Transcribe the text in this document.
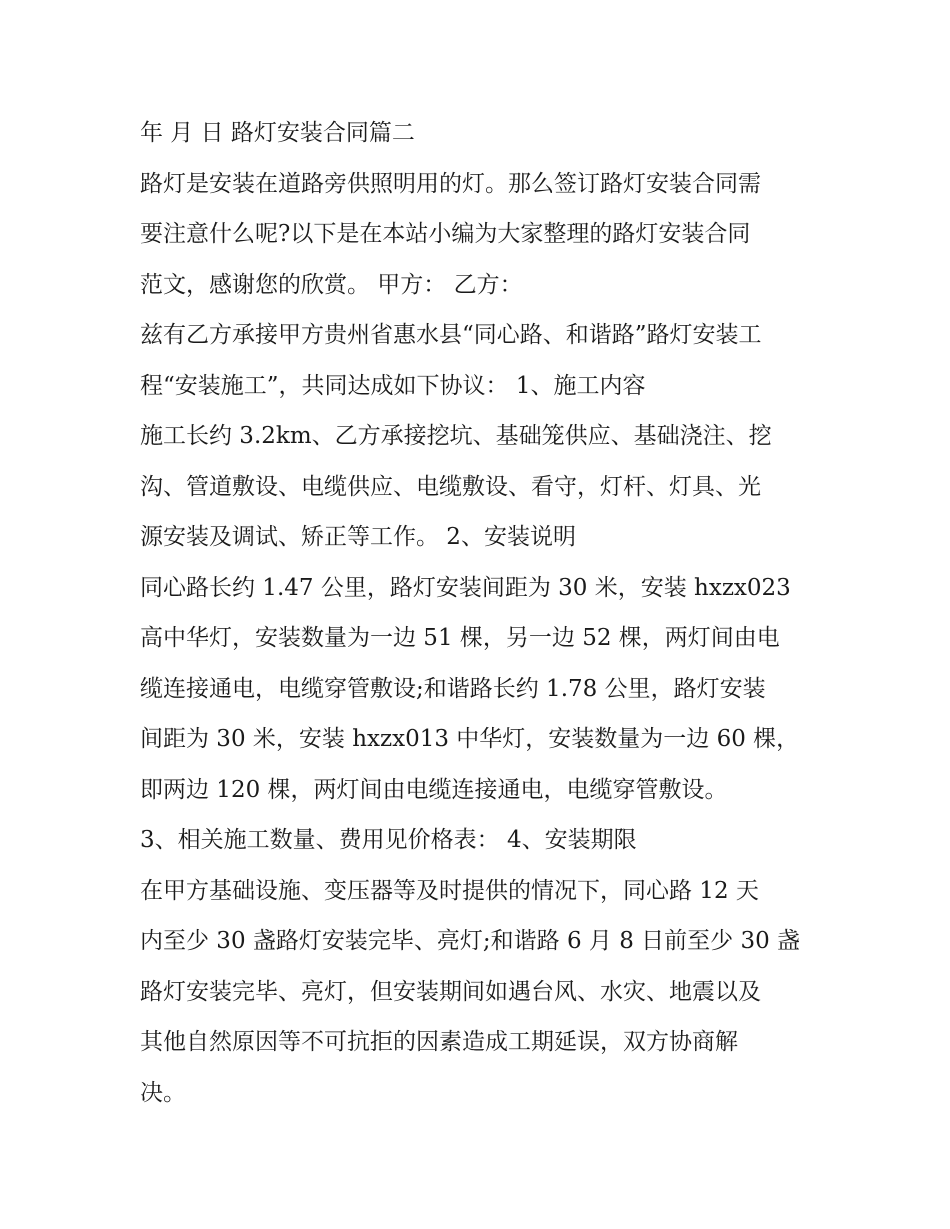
年 月 日 路灯安装合同篇二
路灯是安装在道路旁供照明用的灯。那么签订路灯安装合同需
要注意什么呢?以下是在本站小编为大家整理的路灯安装合同
范文，感谢您的欣赏。 甲方： 乙方：
兹有乙方承接甲方贵州省惠水县“同心路、和谐路”路灯安装工
程“安装施工”，共同达成如下协议： 1、施工内容
施工长约 3.2km、乙方承接挖坑、基础笼供应、基础浇注、挖
沟、管道敷设、电缆供应、电缆敷设、看守，灯杆、灯具、光
源安装及调试、矫正等工作。 2、安装说明
同心路长约 1.47 公里，路灯安装间距为 30 米，安装 hxzx023
高中华灯，安装数量为一边 51 棵，另一边 52 棵，两灯间由电
缆连接通电，电缆穿管敷设;和谐路长约 1.78 公里，路灯安装
间距为 30 米，安装 hxzx013 中华灯，安装数量为一边 60 棵，
即两边 120 棵，两灯间由电缆连接通电，电缆穿管敷设。
3、相关施工数量、费用见价格表： 4、安装期限
在甲方基础设施、变压器等及时提供的情况下，同心路 12 天
内至少 30 盏路灯安装完毕、亮灯;和谐路 6 月 8 日前至少 30 盏
路灯安装完毕、亮灯，但安装期间如遇台风、水灾、地震以及
其他自然原因等不可抗拒的因素造成工期延误，双方协商解
决。
